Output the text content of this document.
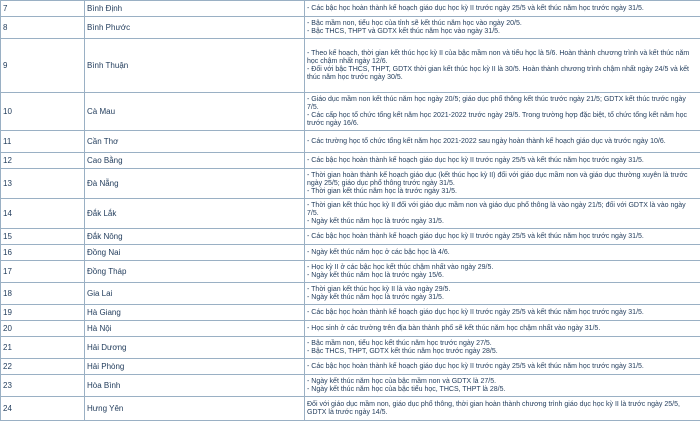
7	Bình Định	- Các bậc học hoàn thành kế hoạch giáo dục học kỳ II trước ngày 25/5 và kết thúc năm học trước ngày 31/5.

8	Bình Phước	- Bậc mầm non, tiểu học của tỉnh sẽ kết thúc năm học vào ngày 20/5.
- Bậc THCS, THPT và GDTX kết thúc năm học vào ngày 31/5.

9	Bình Thuận	- Theo kế hoạch, thời gian kết thúc học kỳ II của bậc mầm non và tiểu học là 5/6. Hoàn thành chương trình và kết thúc năm học chậm nhất ngày 12/6.
- Đối với bậc THCS, THPT, GDTX thời gian kết thúc học kỳ II là 30/5. Hoàn thành chương trình chậm nhất ngày 24/5 và kết thúc năm học trước ngày 30/5.

10	Cà Mau	- Giáo dục mầm non kết thúc năm học ngày 20/5; giáo dục phổ thông kết thúc trước ngày 21/5; GDTX kết thúc trước ngày 7/5.
- Các cấp học tổ chức tổng kết năm học 2021-2022 trước ngày 29/5. Trong trường hợp đặc biệt, tổ chức tổng kết năm học trước ngày 16/6.

11	Cần Thơ	- Các trường học tổ chức tổng kết năm học 2021-2022 sau ngày hoàn thành kế hoạch giáo dục và trước ngày 10/6.

12	Cao Bằng	- Các bậc học hoàn thành kế hoạch giáo dục học kỳ II trước ngày 25/5 và kết thúc năm học trước ngày 31/5.

13	Đà Nẵng	- Thời gian hoàn thành kế hoạch giáo dục (kết thúc học kỳ II) đối với giáo dục mầm non và giáo dục thường xuyên là trước ngày 25/5; giáo dục phổ thông trước ngày 31/5.
- Thời gian kết thúc năm học là trước ngày 31/5.

14	Đắk Lắk	- Thời gian kết thúc học kỳ II đối với giáo dục mầm non và giáo dục phổ thông là vào ngày 21/5; đối với GDTX là vào ngày 7/5.
- Ngày kết thúc năm học là trước ngày 31/5.

15	Đắk Nông	- Các bậc học hoàn thành kế hoạch giáo dục học kỳ II trước ngày 25/5 và kết thúc năm học trước ngày 31/5.

16	Đồng Nai	- Ngày kết thúc năm học ở các bậc học là 4/6.

17	Đồng Tháp	- Học kỳ II ở các bậc học kết thúc chậm nhất vào ngày 29/5.
- Ngày kết thúc năm học là trước ngày 15/6.

18	Gia Lai	- Thời gian kết thúc học kỳ II là vào ngày 29/5.
- Ngày kết thúc năm học là trước ngày 31/5.

19	Hà Giang	- Các bậc học hoàn thành kế hoạch giáo dục học kỳ II trước ngày 25/5 và kết thúc năm học trước ngày 31/5.

20	Hà Nội	- Học sinh ở các trường trên địa bàn thành phố sẽ kết thúc năm học chậm nhất vào ngày 31/5.

21	Hải Dương	- Bậc mầm non, tiểu học kết thúc năm học trước ngày 27/5.
- Bậc THCS, THPT, GDTX kết thúc năm học trước ngày 28/5.

22	Hải Phòng	- Các bậc học hoàn thành kế hoạch giáo dục học kỳ II trước ngày 25/5 và kết thúc năm học trước ngày 31/5.

23	Hòa Bình	- Ngày kết thúc năm học của bậc mầm non và GDTX là 27/5.
- Ngày kết thúc năm học của bậc tiểu học, THCS, THPT là 28/5.

24	Hưng Yên	Đối với giáo dục mầm non, giáo dục phổ thông, thời gian hoàn thành chương trình giáo dục học kỳ II là trước ngày 25/5, GDTX là trước ngày 14/5.
